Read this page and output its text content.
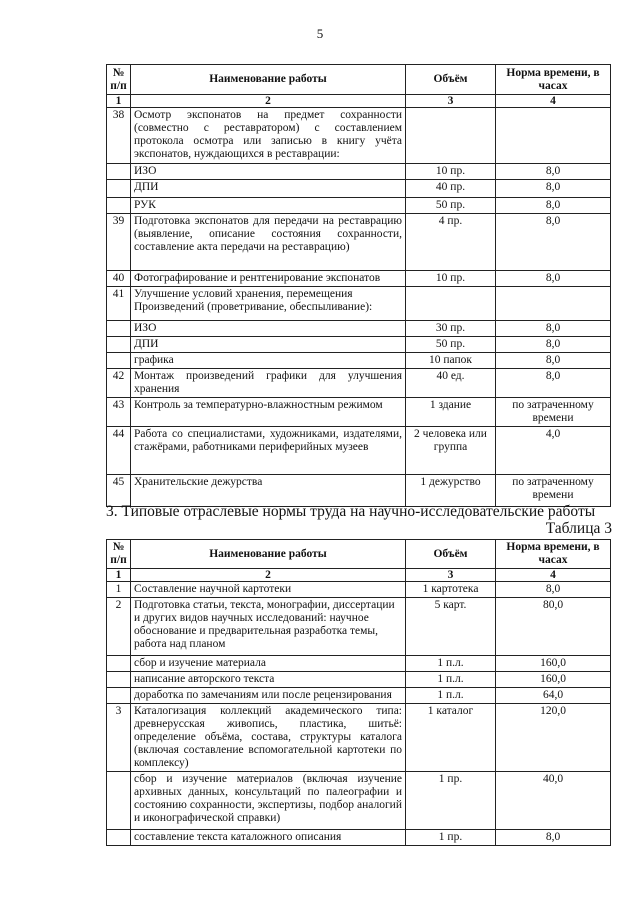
5
№ п/п	Наименование работы	Объём	Норма времени, в часах
1	2	3	4
38	Осмотр экспонатов на предмет сохранности (совместно с реставратором) с составлением протокола осмотра или записью в книгу учёта экспонатов, нуждающихся в реставрации:		
	ИЗО	10 пр.	8,0
	ДПИ	40 пр.	8,0
	РУК	50 пр.	8,0
39	Подготовка экспонатов для передачи на реставрацию (выявление, описание состояния сохранности, составление акта передачи на реставрацию)	4 пр.	8,0
40	Фотографирование и рентгенирование экспонатов	10 пр.	8,0
41	Улучшение условий хранения, перемещения Произведений (проветривание, обеспыливание):		
	ИЗО	30 пр.	8,0
	ДПИ	50 пр.	8,0
	графика	10 папок	8,0
42	Монтаж произведений графики для улучшения хранения	40 ед.	8,0
43	Контроль за температурно-влажностным режимом	1 здание	по затраченному времени
44	Работа со специалистами, художниками, издателями, стажёрами, работниками периферийных музеев	2 человека или группа	4,0
45	Хранительские дежурства	1 дежурство	по затраченному времени
3. Типовые отраслевые нормы труда на научно-исследовательские работы
Таблица 3
№ п/п	Наименование работы	Объём	Норма времени, в часах
1	2	3	4
1	Составление научной картотеки	1 картотека	8,0
2	Подготовка статьи, текста, монографии, диссертации и других видов научных исследований: научное обоснование и предварительная разработка темы, работа над планом	5 карт.	80,0
	сбор и изучение материала	1 п.л.	160,0
	написание авторского текста	1 п.л.	160,0
	доработка по замечаниям или после рецензирования	1 п.л.	64,0
3	Каталогизация коллекций академического типа: древнерусская живопись, пластика, шитьё: определение объёма, состава, структуры каталога (включая составление вспомогательной картотеки по комплексу)	1 каталог	120,0
	сбор и изучение материалов (включая изучение архивных данных, консультаций по палеографии и состоянию сохранности, экспертизы, подбор аналогий и иконографической справки)	1 пр.	40,0
	составление текста каталожного описания	1 пр.	8,0
